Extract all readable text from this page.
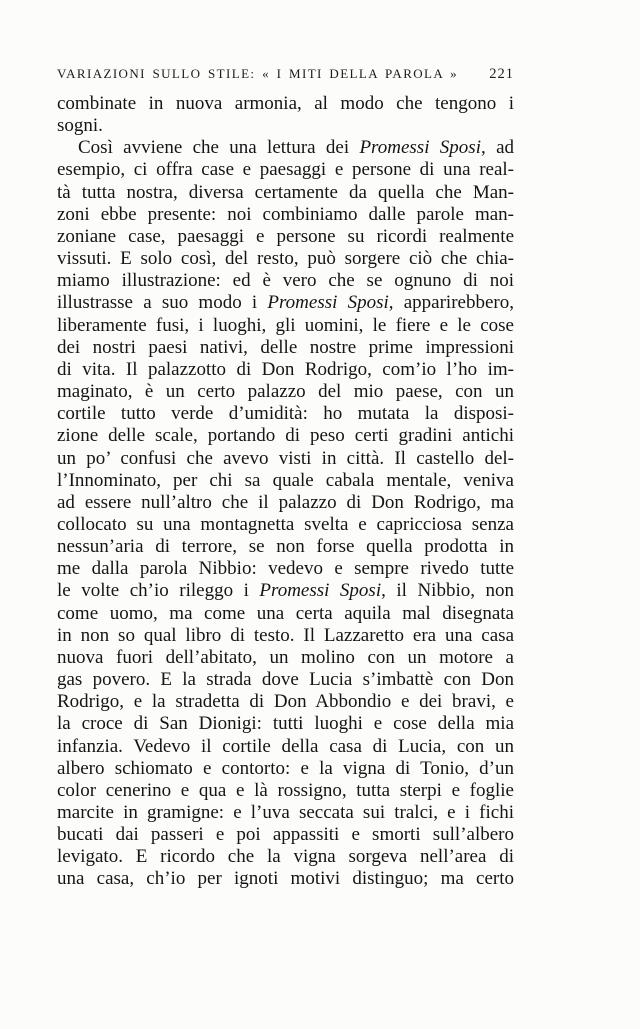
VARIAZIONI SULLO STILE: « I MITI DELLA PAROLA »	221
combinate in nuova armonia, al modo che tengono i
sogni.
Così avviene che una lettura dei Promessi Sposi, ad
esempio, ci offra case e paesaggi e persone di una real-
tà tutta nostra, diversa certamente da quella che Man-
zoni ebbe presente: noi combiniamo dalle parole man-
zoniane case, paesaggi e persone su ricordi realmente
vissuti. E solo così, del resto, può sorgere ciò che chia-
miamo illustrazione: ed è vero che se ognuno di noi
illustrasse a suo modo i Promessi Sposi, apparirebbero,
liberamente fusi, i luoghi, gli uomini, le fiere e le cose
dei nostri paesi nativi, delle nostre prime impressioni
di vita. Il palazzotto di Don Rodrigo, com’io l’ho im-
maginato, è un certo palazzo del mio paese, con un
cortile tutto verde d’umidità: ho mutata la disposi-
zione delle scale, portando di peso certi gradini antichi
un po’ confusi che avevo visti in città. Il castello del-
l’Innominato, per chi sa quale cabala mentale, veniva
ad essere null’altro che il palazzo di Don Rodrigo, ma
collocato su una montagnetta svelta e capricciosa senza
nessun’aria di terrore, se non forse quella prodotta in
me dalla parola Nibbio: vedevo e sempre rivedo tutte
le volte ch’io rileggo i Promessi Sposi, il Nibbio, non
come uomo, ma come una certa aquila mal disegnata
in non so qual libro di testo. Il Lazzaretto era una casa
nuova fuori dell’abitato, un molino con un motore a
gas povero. E la strada dove Lucia s’imbattè con Don
Rodrigo, e la stradetta di Don Abbondio e dei bravi, e
la croce di San Dionigi: tutti luoghi e cose della mia
infanzia. Vedevo il cortile della casa di Lucia, con un
albero schiomato e contorto: e la vigna di Tonio, d’un
color cenerino e qua e là rossigno, tutta sterpi e foglie
marcite in gramigne: e l’uva seccata sui tralci, e i fichi
bucati dai passeri e poi appassiti e smorti sull’albero
levigato. E ricordo che la vigna sorgeva nell’area di
una casa, ch’io per ignoti motivi distinguo; ma certo
